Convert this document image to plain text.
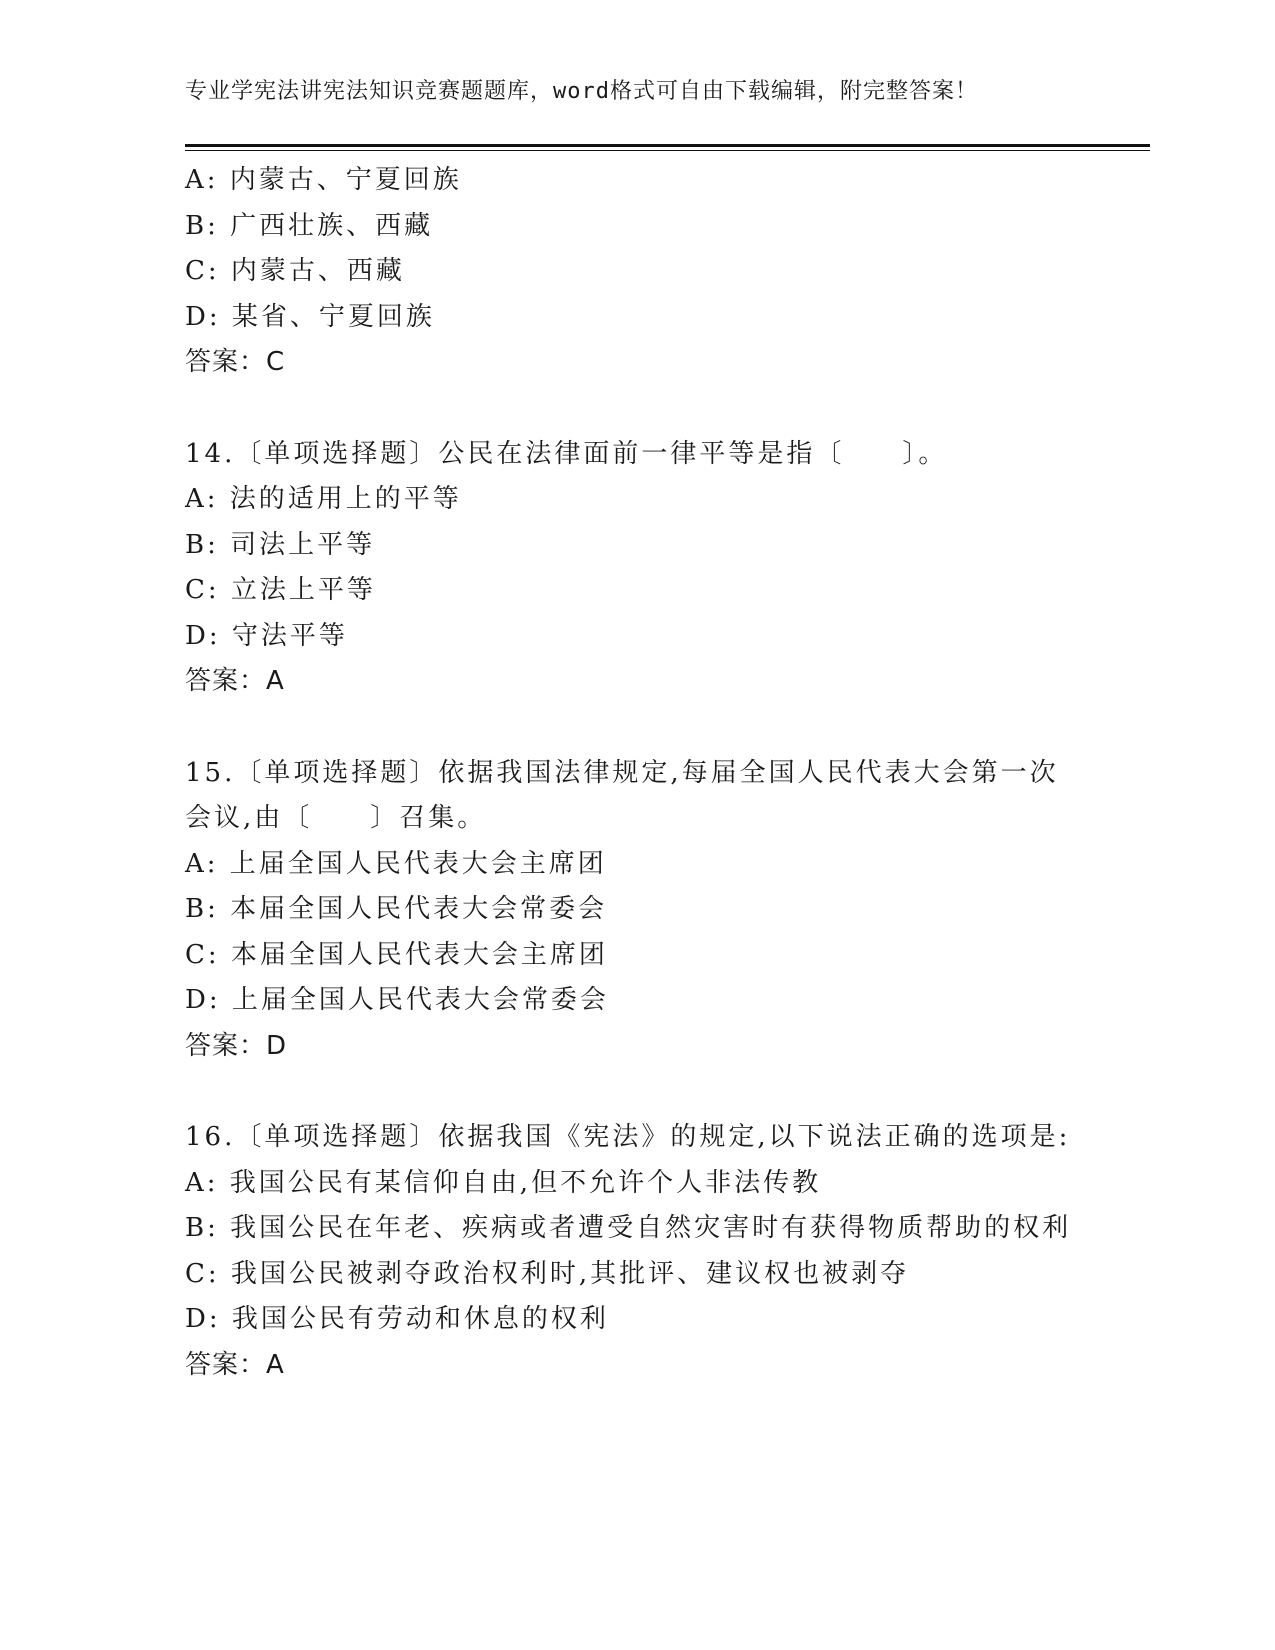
专业学宪法讲宪法知识竞赛题题库，word格式可自由下载编辑，附完整答案！
A: 内蒙古、宁夏回族
B: 广西壮族、西藏
C: 内蒙古、西藏
D: 某省、宁夏回族
答案：C
14.〔单项选择题〕公民在法律面前一律平等是指〔　　〕。
A: 法的适用上的平等
B: 司法上平等
C: 立法上平等
D: 守法平等
答案：A
15.〔单项选择题〕依据我国法律规定,每届全国人民代表大会第一次
会议,由〔　　〕召集。
A: 上届全国人民代表大会主席团
B: 本届全国人民代表大会常委会
C: 本届全国人民代表大会主席团
D: 上届全国人民代表大会常委会
答案：D
16.〔单项选择题〕依据我国《宪法》的规定,以下说法正确的选项是:
A: 我国公民有某信仰自由,但不允许个人非法传教
B: 我国公民在年老、疾病或者遭受自然灾害时有获得物质帮助的权利
C: 我国公民被剥夺政治权利时,其批评、建议权也被剥夺
D: 我国公民有劳动和休息的权利
答案：A
